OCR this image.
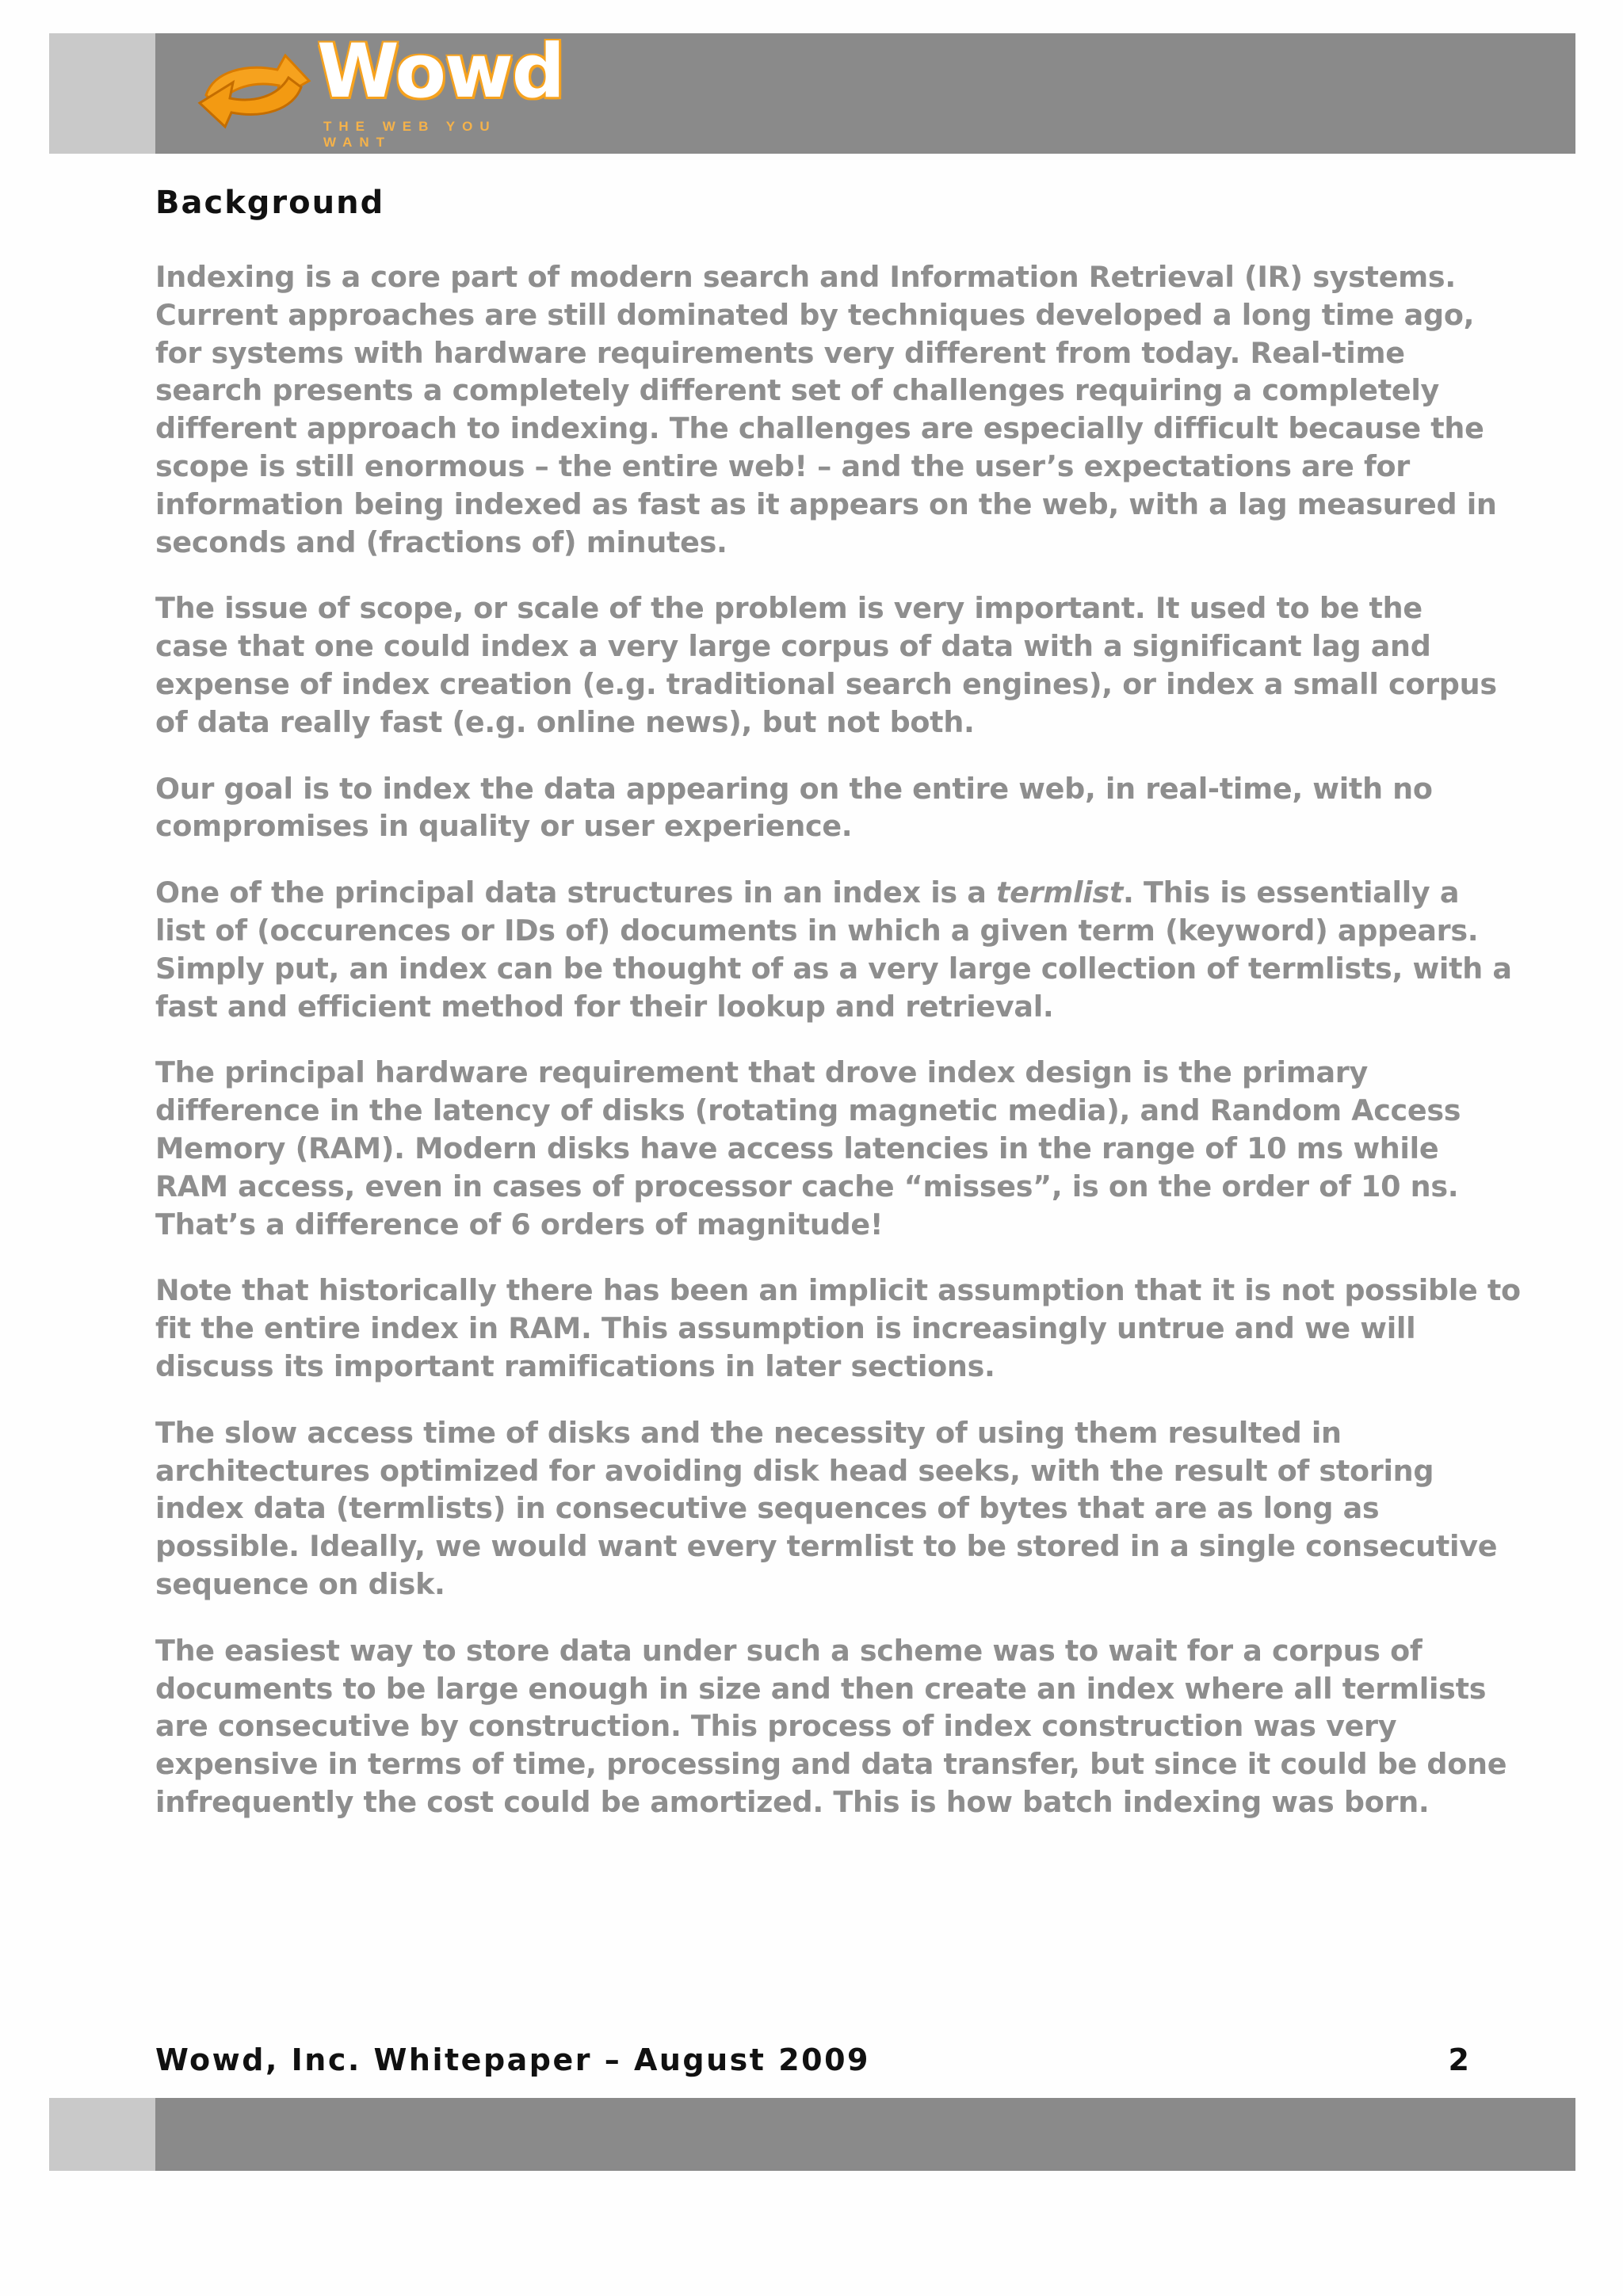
Wowd
THE WEB YOU WANT
Background

Indexing is a core part of modern search and Information Retrieval (IR) systems.
Current approaches are still dominated by techniques developed a long time ago,
for systems with hardware requirements very different from today. Real-time
search presents a completely different set of challenges requiring a completely
different approach to indexing. The challenges are especially difficult because the
scope is still enormous – the entire web! – and the user’s expectations are for
information being indexed as fast as it appears on the web, with a lag measured in
seconds and (fractions of) minutes.

The issue of scope, or scale of the problem is very important. It used to be the
case that one could index a very large corpus of data with a significant lag and
expense of index creation (e.g. traditional search engines), or index a small corpus
of data really fast (e.g. online news), but not both.

Our goal is to index the data appearing on the entire web, in real-time, with no
compromises in quality or user experience.

One of the principal data structures in an index is a termlist. This is essentially a
list of (occurences or IDs of) documents in which a given term (keyword) appears.
Simply put, an index can be thought of as a very large collection of termlists, with a
fast and efficient method for their lookup and retrieval.

The principal hardware requirement that drove index design is the primary
difference in the latency of disks (rotating magnetic media), and Random Access
Memory (RAM). Modern disks have access latencies in the range of 10 ms while
RAM access, even in cases of processor cache “misses”, is on the order of 10 ns.
That’s a difference of 6 orders of magnitude!

Note that historically there has been an implicit assumption that it is not possible to
fit the entire index in RAM. This assumption is increasingly untrue and we will
discuss its important ramifications in later sections.

The slow access time of disks and the necessity of using them resulted in
architectures optimized for avoiding disk head seeks, with the result of storing
index data (termlists) in consecutive sequences of bytes that are as long as
possible. Ideally, we would want every termlist to be stored in a single consecutive
sequence on disk.

The easiest way to store data under such a scheme was to wait for a corpus of
documents to be large enough in size and then create an index where all termlists
are consecutive by construction. This process of index construction was very
expensive in terms of time, processing and data transfer, but since it could be done
infrequently the cost could be amortized. This is how batch indexing was born.

Wowd, Inc. Whitepaper – August 2009	2
